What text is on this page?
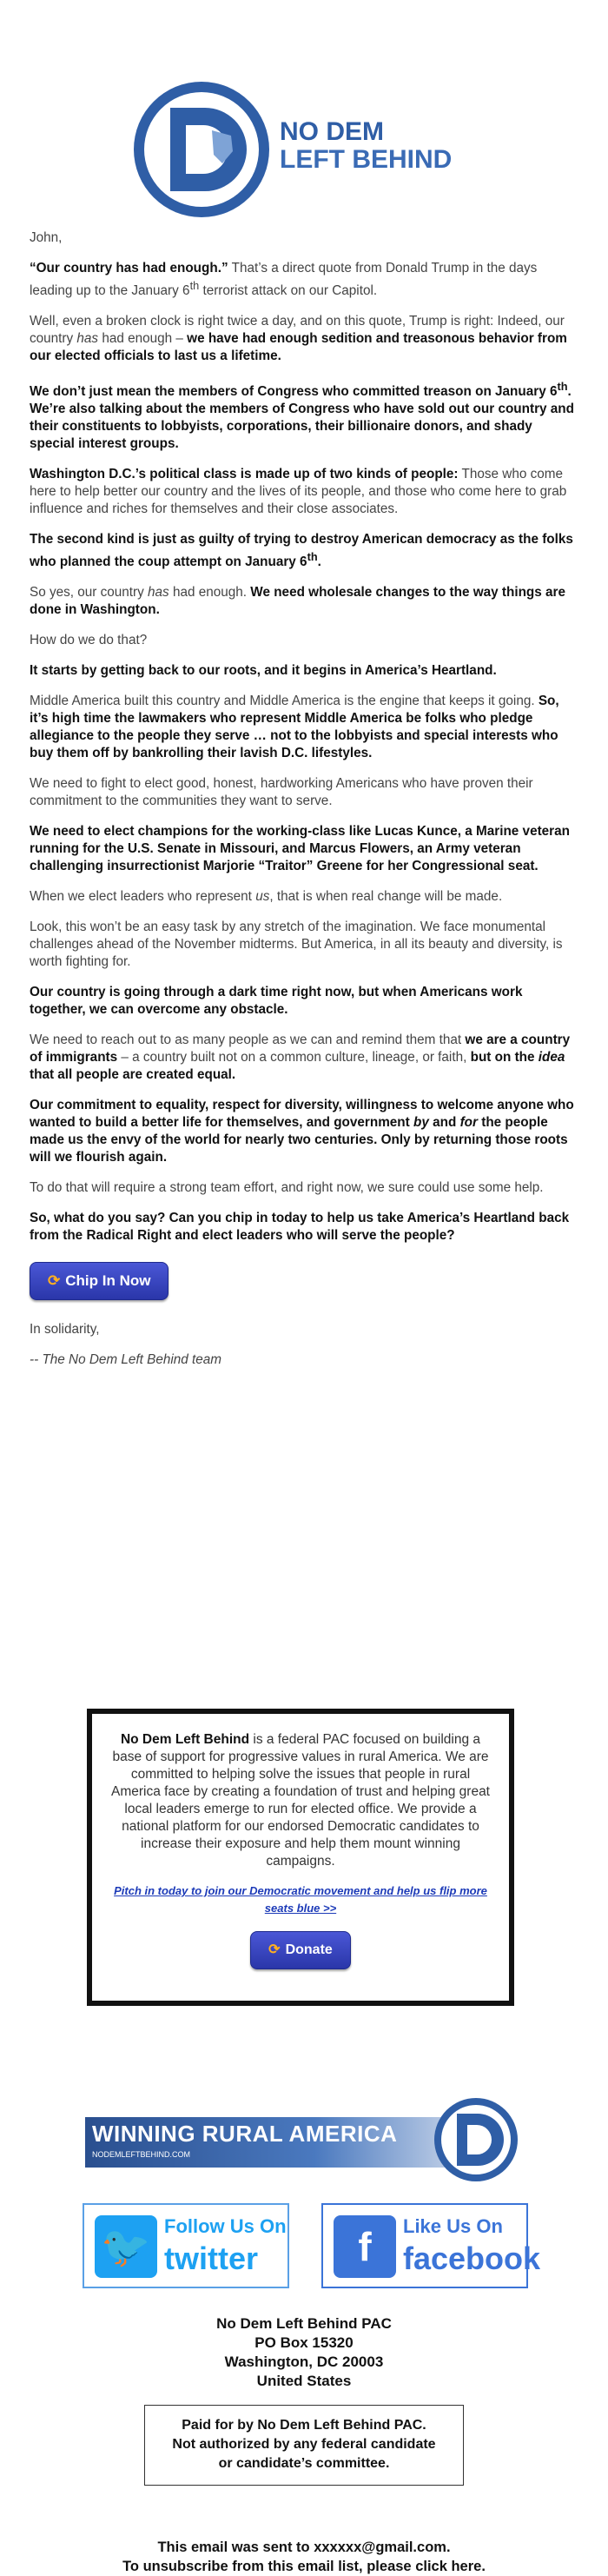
NO DEM
LEFT BEHIND

John,

“Our country has had enough.” That’s a direct quote from Donald Trump in the days leading up to the January 6th terrorist attack on our Capitol.

Well, even a broken clock is right twice a day, and on this quote, Trump is right: Indeed, our country has had enough – we have had enough sedition and treasonous behavior from our elected officials to last us a lifetime.

We don’t just mean the members of Congress who committed treason on January 6th. We’re also talking about the members of Congress who have sold out our country and their constituents to lobbyists, corporations, their billionaire donors, and shady special interest groups.

Washington D.C.’s political class is made up of two kinds of people: Those who come here to help better our country and the lives of its people, and those who come here to grab influence and riches for themselves and their close associates.

The second kind is just as guilty of trying to destroy American democracy as the folks who planned the coup attempt on January 6th.

So yes, our country has had enough. We need wholesale changes to the way things are done in Washington.

How do we do that?

It starts by getting back to our roots, and it begins in America’s Heartland.

Middle America built this country and Middle America is the engine that keeps it going. So, it’s high time the lawmakers who represent Middle America be folks who pledge allegiance to the people they serve … not to the lobbyists and special interests who buy them off by bankrolling their lavish D.C. lifestyles.

We need to fight to elect good, honest, hardworking Americans who have proven their commitment to the communities they want to serve.

We need to elect champions for the working-class like Lucas Kunce, a Marine veteran running for the U.S. Senate in Missouri, and Marcus Flowers, an Army veteran challenging insurrectionist Marjorie “Traitor” Greene for her Congressional seat.

When we elect leaders who represent us, that is when real change will be made.

Look, this won’t be an easy task by any stretch of the imagination. We face monumental challenges ahead of the November midterms. But America, in all its beauty and diversity, is worth fighting for.

Our country is going through a dark time right now, but when Americans work together, we can overcome any obstacle.

We need to reach out to as many people as we can and remind them that we are a country of immigrants – a country built not on a common culture, lineage, or faith, but on the idea that all people are created equal.

Our commitment to equality, respect for diversity, willingness to welcome anyone who wanted to build a better life for themselves, and government by and for the people made us the envy of the world for nearly two centuries. Only by returning those roots will we flourish again.

To do that will require a strong team effort, and right now, we sure could use some help.

So, what do you say? Can you chip in today to help us take America’s Heartland back from the Radical Right and elect leaders who will serve the people?

⟳ Chip In Now

In solidarity,

-- The No Dem Left Behind team

No Dem Left Behind is a federal PAC focused on building a base of support for progressive values in rural America. We are committed to helping solve the issues that people in rural America face by creating a foundation of trust and helping great local leaders emerge to run for elected office. We provide a national platform for our endorsed Democratic candidates to increase their exposure and help them mount winning campaigns.
Pitch in today to join our Democratic movement and help us flip more seats blue >>
⟳ Donate
WINNING RURAL AMERICA
NODEMLEFTBEHIND.COM
🐦 Follow Us On
twitter	f	Like Us On
facebook
No Dem Left Behind PAC
PO Box 15320
Washington, DC 20003
United States
Paid for by No Dem Left Behind PAC.
Not authorized by any federal candidate
or candidate’s committee.
This email was sent to xxxxxx@gmail.com.
To unsubscribe from this email list, please click here.
